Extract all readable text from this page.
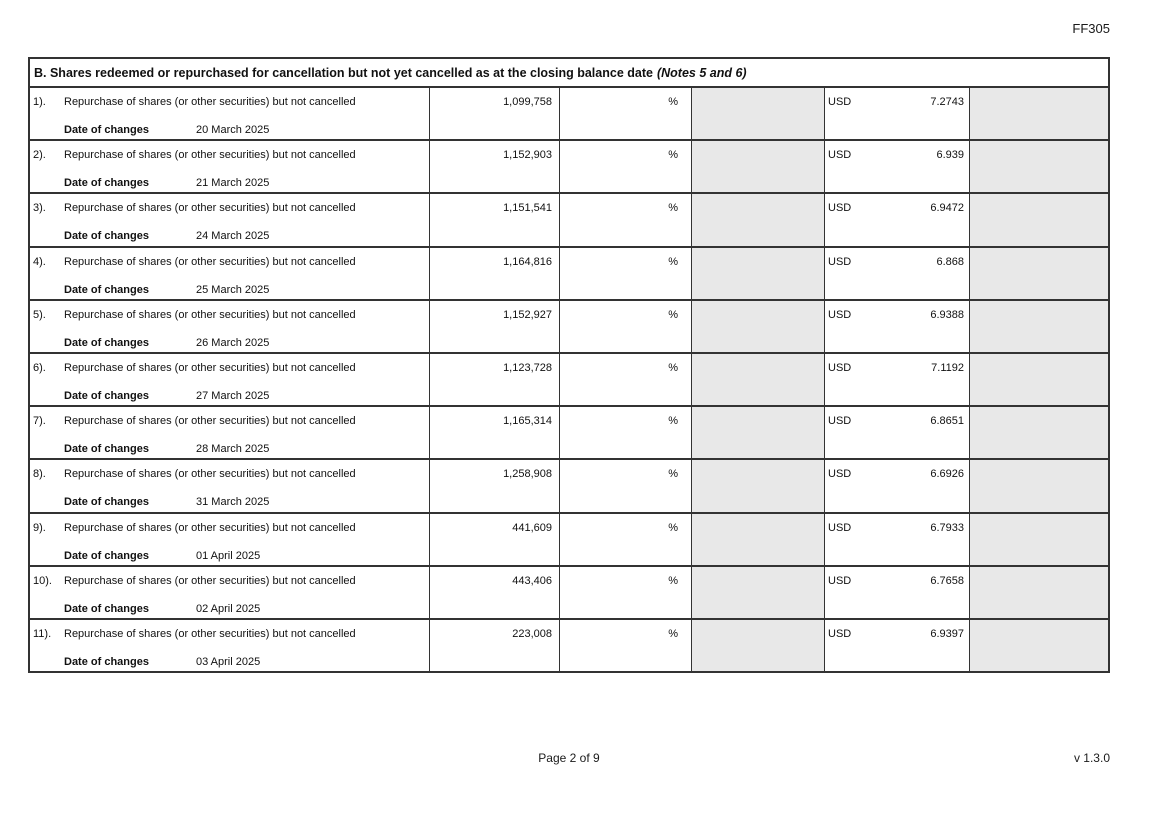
FF305
B. Shares redeemed or repurchased for cancellation but not yet cancelled as at the closing balance date (Notes 5 and 6)
1). Repurchase of shares (or other securities) but not cancelled
Date of changes	20 March 2025
1,099,758	%	USD	7.2743
2). Repurchase of shares (or other securities) but not cancelled
Date of changes	21 March 2025
1,152,903	%	USD	6.939
3). Repurchase of shares (or other securities) but not cancelled
Date of changes	24 March 2025
1,151,541	%	USD	6.9472
4). Repurchase of shares (or other securities) but not cancelled
Date of changes	25 March 2025
1,164,816	%	USD	6.868
5). Repurchase of shares (or other securities) but not cancelled
Date of changes	26 March 2025
1,152,927	%	USD	6.9388
6). Repurchase of shares (or other securities) but not cancelled
Date of changes	27 March 2025
1,123,728	%	USD	7.1192
7). Repurchase of shares (or other securities) but not cancelled
Date of changes	28 March 2025
1,165,314	%	USD	6.8651
8). Repurchase of shares (or other securities) but not cancelled
Date of changes	31 March 2025
1,258,908	%	USD	6.6926
9). Repurchase of shares (or other securities) but not cancelled
Date of changes	01 April 2025
441,609	%	USD	6.7933
10). Repurchase of shares (or other securities) but not cancelled
Date of changes	02 April 2025
443,406	%	USD	6.7658
11). Repurchase of shares (or other securities) but not cancelled
Date of changes	03 April 2025
223,008	%	USD	6.9397
Page 2 of 9	v 1.3.0
